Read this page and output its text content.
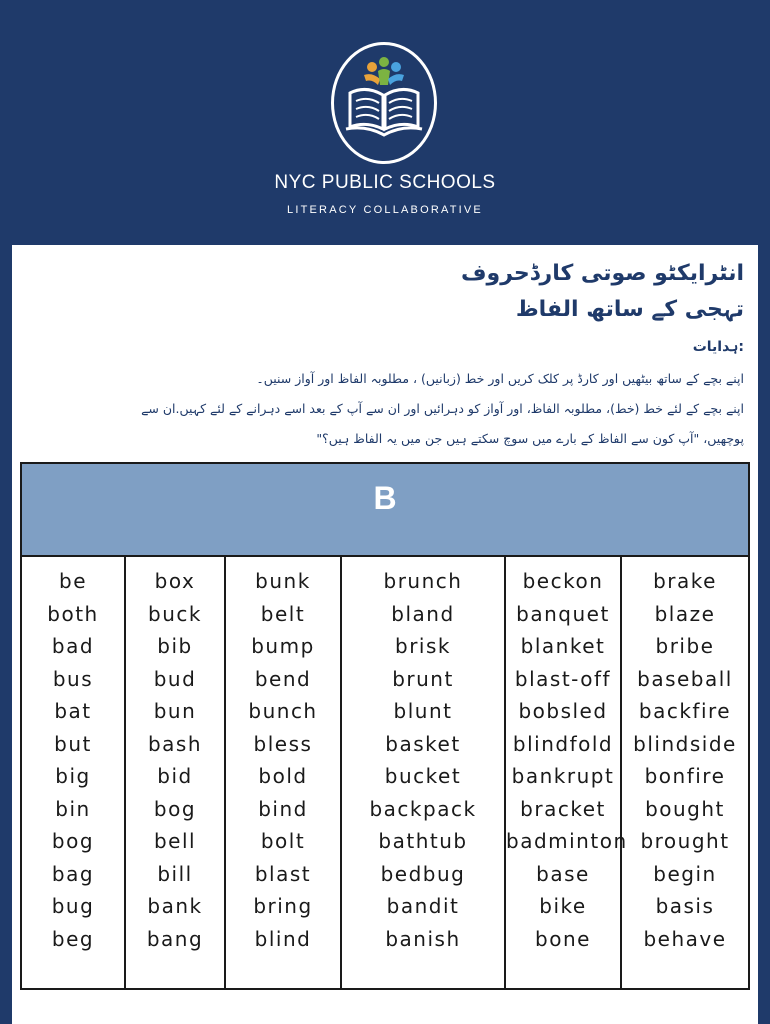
NYC PUBLIC SCHOOLS
LITERACY COLLABORATIVE
انٹرایکٹو صوتی کارڈحروف
تہجی کے ساتھ الفاظ
:ہدایات
اپنے بچے کے ساتھ بیٹھیں اور کارڈ پر کلک کریں اور خط (زبانیں) ، مطلوبہ الفاظ اور آواز سنیں۔
اپنے بچے کے لئے خط (خط)، مطلوبہ الفاظ، اور آواز کو دہرائیں اور ان سے آپ کے بعد اسے دہرانے کے لئے کہیں.ان سے
پوچھیں، "آپ کون سے الفاظ کے بارے میں سوچ سکتے ہیں جن میں یہ الفاظ ہیں؟"
B
be
both
bad
bus
bat
but
big
bin
bog
bag
bug
beg
box
buck
bib
bud
bun
bash
bid
bog
bell
bill
bank
bang
bunk
belt
bump
bend
bunch
bless
bold
bind
bolt
blast
bring
blind
brunch
bland
brisk
brunt
blunt
basket
bucket
backpack
bathtub
bedbug
bandit
banish
beckon
banquet
blanket
blast-off
bobsled
blindfold
bankrupt
bracket
badminton
base
bike
bone
brake
blaze
bribe
baseball
backfire
blindside
bonfire
bought
brought
begin
basis
behave
